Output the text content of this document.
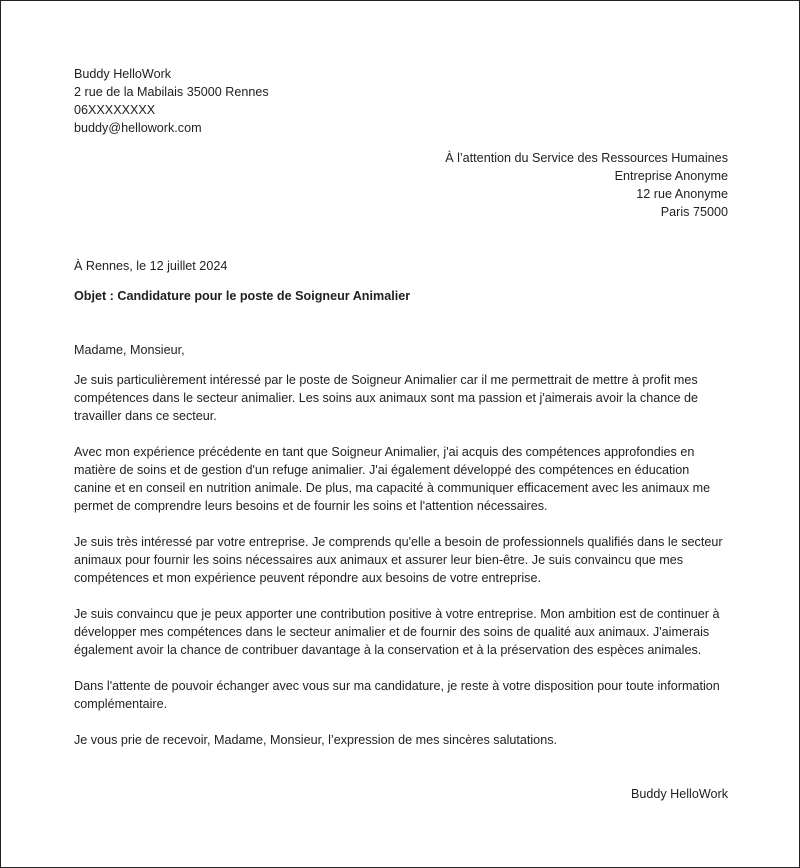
Buddy HelloWork

2 rue de la Mabilais 35000 Rennes

06XXXXXXXX

buddy@hellowork.com

À l’attention du Service des Ressources Humaines

Entreprise Anonyme

12 rue Anonyme

Paris 75000

À Rennes, le 12 juillet 2024

Objet : Candidature pour le poste de Soigneur Animalier

Madame, Monsieur,

Je suis particulièrement intéressé par le poste de Soigneur Animalier car il me permettrait de mettre à profit mes compétences dans le secteur animalier. Les soins aux animaux sont ma passion et j'aimerais avoir la chance de travailler dans ce secteur.

Avec mon expérience précédente en tant que Soigneur Animalier, j'ai acquis des compétences approfondies en matière de soins et de gestion d'un refuge animalier. J'ai également développé des compétences en éducation canine et en conseil en nutrition animale. De plus, ma capacité à communiquer efficacement avec les animaux me permet de comprendre leurs besoins et de fournir les soins et l'attention nécessaires.

Je suis très intéressé par votre entreprise. Je comprends qu'elle a besoin de professionnels qualifiés dans le secteur animaux pour fournir les soins nécessaires aux animaux et assurer leur bien-être. Je suis convaincu que mes compétences et mon expérience peuvent répondre aux besoins de votre entreprise.

Je suis convaincu que je peux apporter une contribution positive à votre entreprise. Mon ambition est de continuer à développer mes compétences dans le secteur animalier et de fournir des soins de qualité aux animaux. J'aimerais également avoir la chance de contribuer davantage à la conservation et à la préservation des espèces animales.

Dans l'attente de pouvoir échanger avec vous sur ma candidature, je reste à votre disposition pour toute information complémentaire.

Je vous prie de recevoir, Madame, Monsieur, l’expression de mes sincères salutations.

Buddy HelloWork
